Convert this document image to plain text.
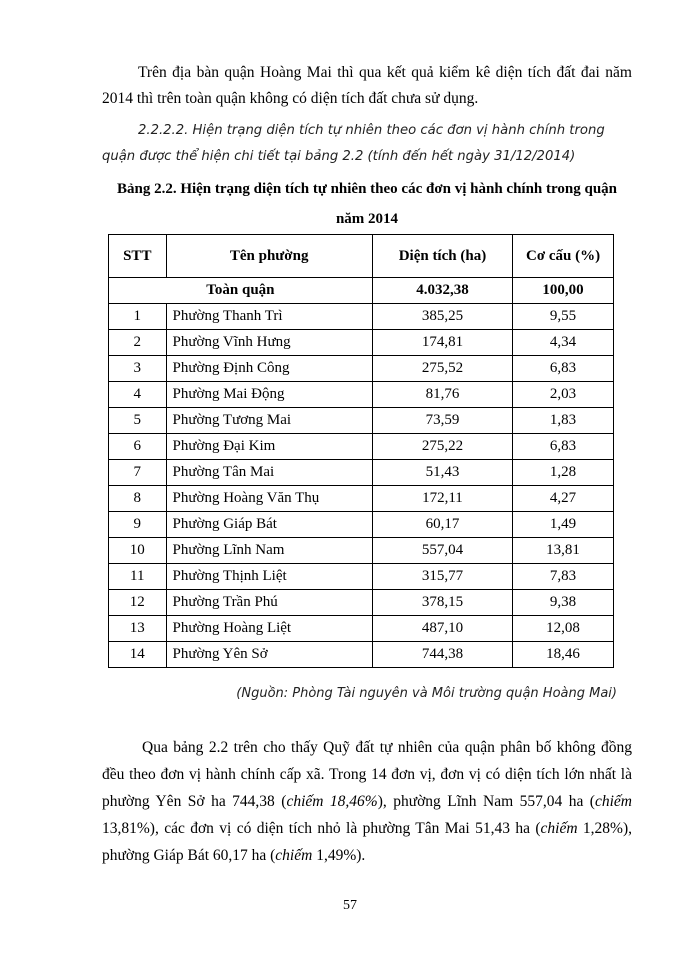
Trên địa bàn quận Hoàng Mai thì qua kết quả kiểm kê diện tích đất đai năm 2014 thì trên toàn quận không có diện tích đất chưa sử dụng.

2.2.2.2. Hiện trạng diện tích tự nhiên theo các đơn vị hành chính trong quận được thể hiện chi tiết tại bảng 2.2 (tính đến hết ngày 31/12/2014)

Bảng 2.2. Hiện trạng diện tích tự nhiên theo các đơn vị hành chính trong quận năm 2014

STT	Tên phường	Diện tích (ha)	Cơ cấu (%)
Toàn quận		4.032,38	100,00
1	Phường Thanh Trì	385,25	9,55
2	Phường Vĩnh Hưng	174,81	4,34
3	Phường Định Công	275,52	6,83
4	Phường Mai Động	81,76	2,03
5	Phường Tương Mai	73,59	1,83
6	Phường Đại Kim	275,22	6,83
7	Phường Tân Mai	51,43	1,28
8	Phường Hoàng Văn Thụ	172,11	4,27
9	Phường Giáp Bát	60,17	1,49
10	Phường Lĩnh Nam	557,04	13,81
11	Phường Thịnh Liệt	315,77	7,83
12	Phường Trần Phú	378,15	9,38
13	Phường Hoàng Liệt	487,10	12,08
14	Phường Yên Sở	744,38	18,46

(Nguồn: Phòng Tài nguyên và Môi trường quận Hoàng Mai)

Qua bảng 2.2 trên cho thấy Quỹ đất tự nhiên của quận phân bố không đồng đều theo đơn vị hành chính cấp xã. Trong 14 đơn vị, đơn vị có diện tích lớn nhất là phường Yên Sở ha 744,38 (chiếm 18,46%), phường Lĩnh Nam 557,04 ha (chiếm 13,81%), các đơn vị có diện tích nhỏ là phường Tân Mai 51,43 ha (chiếm 1,28%), phường Giáp Bát 60,17 ha (chiếm 1,49%).

57
